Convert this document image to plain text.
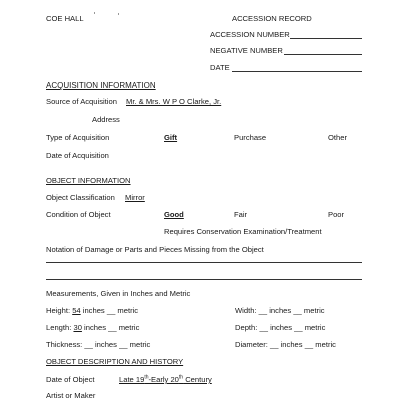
COE HALL	ACCESSION RECORD
ACCESSION NUMBER
NEGATIVE NUMBER
DATE
ACQUISITION INFORMATION
Source of Acquisition Mr. & Mrs. W P O Clarke, Jr.
Address
Type of Acquisition	Gift	Purchase	Other
Date of Acquisition
OBJECT INFORMATION
Object Classification Mirror
Condition of Object	Good	Fair	Poor
Requires Conservation Examination/Treatment
Notation of Damage or Parts and Pieces Missing from the Object
Measurements, Given in Inches and Metric
Height: 54 inches __ metric	Width: __ inches __ metric
Length: 30 inches __ metric	Depth: __ inches __ metric
Thickness: __ inches __ metric	Diameter: __ inches __ metric
OBJECT DESCRIPTION AND HISTORY
Date of Object	Late 19th-Early 20th Century
Artist or Maker
